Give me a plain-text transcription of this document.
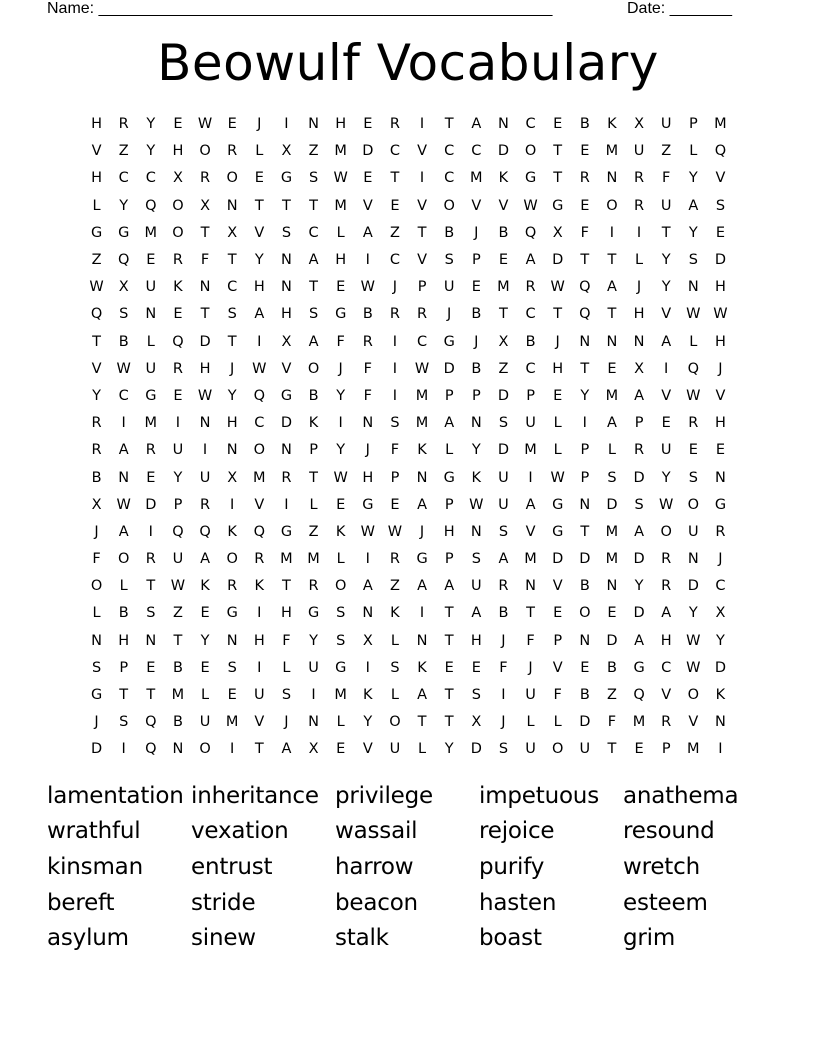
Name: ___________________________________________________	Date: _______
Beowulf Vocabulary
H	R	Y	E	W	E	J	I	N	H	E	R	I	T	A	N	C	E	B	K	X	U	P	M
V	Z	Y	H	O	R	L	X	Z	M	D	C	V	C	C	D	O	T	E	M	U	Z	L	Q
H	C	C	X	R	O	E	G	S	W	E	T	I	C	M	K	G	T	R	N	R	F	Y	V
L	Y	Q	O	X	N	T	T	T	M	V	E	V	O	V	V	W G	E	O	R	U	A	S
G	G	M	O	T	X	V	S	C	L	A	Z	T	B	J	B	Q	X	F	I	I	T	Y	E
Z	Q	E	R	F	T	Y	N	A	H	I	C	V	S	P	E	A	D	T	T	L	Y	S	D
W	X	U	K	N	C	H	N	T	E	W	J	P	U	E	M	R	W Q	A	J	Y	N	H
Q	S	N	E	T	S	A	H	S	G	B	R	R	J	B	T	C	T	Q	T	H	V	W W
T	B	L	Q	D	T	I	X	A	F	R	I	C	G	J	X	B	J	N	N	N	A	L	H
V	W	U	R	H	J	W	V	O	J	F	I	W D	B	Z	C	H	T	E	X	I	Q	J
Y	C	G	E	W	Y	Q	G	B	Y	F	I	M	P	P	D	P	E	Y	M	A	V	W	V
R	I	M	I	N	H	C	D	K	I	N	S	M	A	N	S	U	L	I	A	P	E	R	H
R	A	R	U	I	N	O	N	P	Y	J	F	K	L	Y	D	M	L	P	L	R	U	E	E
B	N	E	Y	U	X	M	R	T	W	H	P	N	G	K	U	I	W	P	S	D	Y	S	N
X	W D	P	R	I	V	I	L	E	G	E	A	P	W	U	A	G	N	D	S	W O	G
J	A	I	Q	Q	K	Q	G	Z	K	W W	J	H	N	S	V	G	T	M	A	O	U	R
F	O	R	U	A	O	R	M	M	L	I	R	G	P	S	A	M	D	D	M	D	R	N	J
O	L	T	W	K	R	K	T	R	O	A	Z	A	A	U	R	N	V	B	N	Y	R	D	C
L	B	S	Z	E	G	I	H	G	S	N	K	I	T	A	B	T	E	O	E	D	A	Y	X
N	H	N	T	Y	N	H	F	Y	S	X	L	N	T	H	J	F	P	N	D	A	H	W	Y
S	P	E	B	E	S	I	L	U	G	I	S	K	E	E	F	J	V	E	B	G	C	W D
G	T	T	M	L	E	U	S	I	M	K	L	A	T	S	I	U	F	B	Z	Q	V	O	K
J	S	Q	B	U	M	V	J	N	L	Y	O	T	T	X	J	L	L	D	F	M	R	V	N
D	I	Q	N	O	I	T	A	X	E	V	U	L	Y	D	S	U	O	U	T	E	P	M	I
lamentation inheritance privilege	impetuous	anathema
wrathful	vexation	wassail	rejoice	resound
kinsman	entrust	harrow	purify	wretch
bereft	stride	beacon	hasten	esteem
asylum	sinew	stalk	boast	grim
